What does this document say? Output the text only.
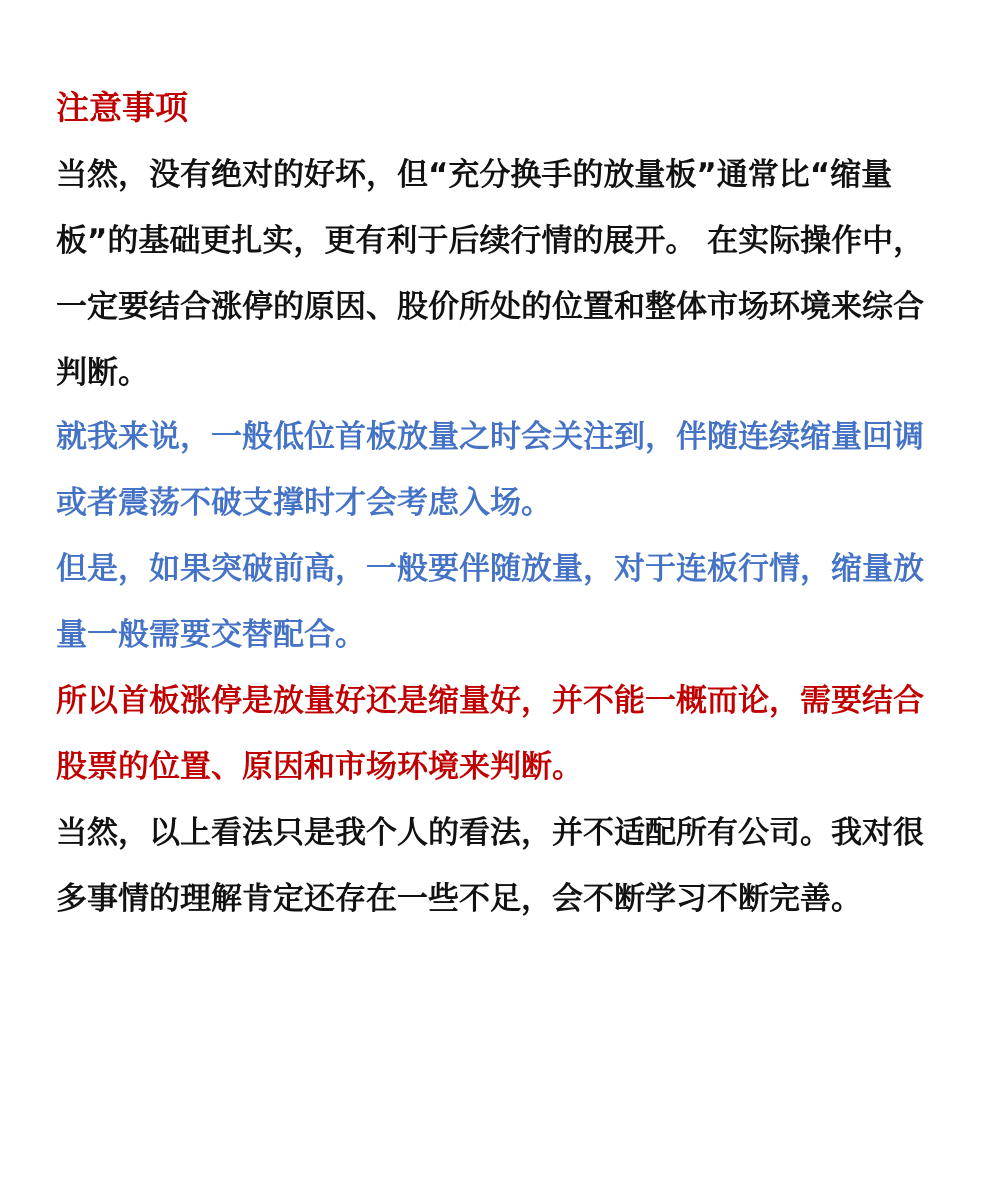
注意事项

当然，没有绝对的好坏，但“充分换手的放量板”通常比“缩量板”的基础更扎实，更有利于后续行情的展开。 在实际操作中，一定要结合涨停的原因、股价所处的位置和整体市场环境来综合判断。

就我来说，一般低位首板放量之时会关注到，伴随连续缩量回调或者震荡不破支撑时才会考虑入场。

但是，如果突破前高，一般要伴随放量，对于连板行情，缩量放量一般需要交替配合。

所以首板涨停是放量好还是缩量好，并不能一概而论，需要结合股票的位置、原因和市场环境来判断。

当然，以上看法只是我个人的看法，并不适配所有公司。我对很多事情的理解肯定还存在一些不足，会不断学习不断完善。
